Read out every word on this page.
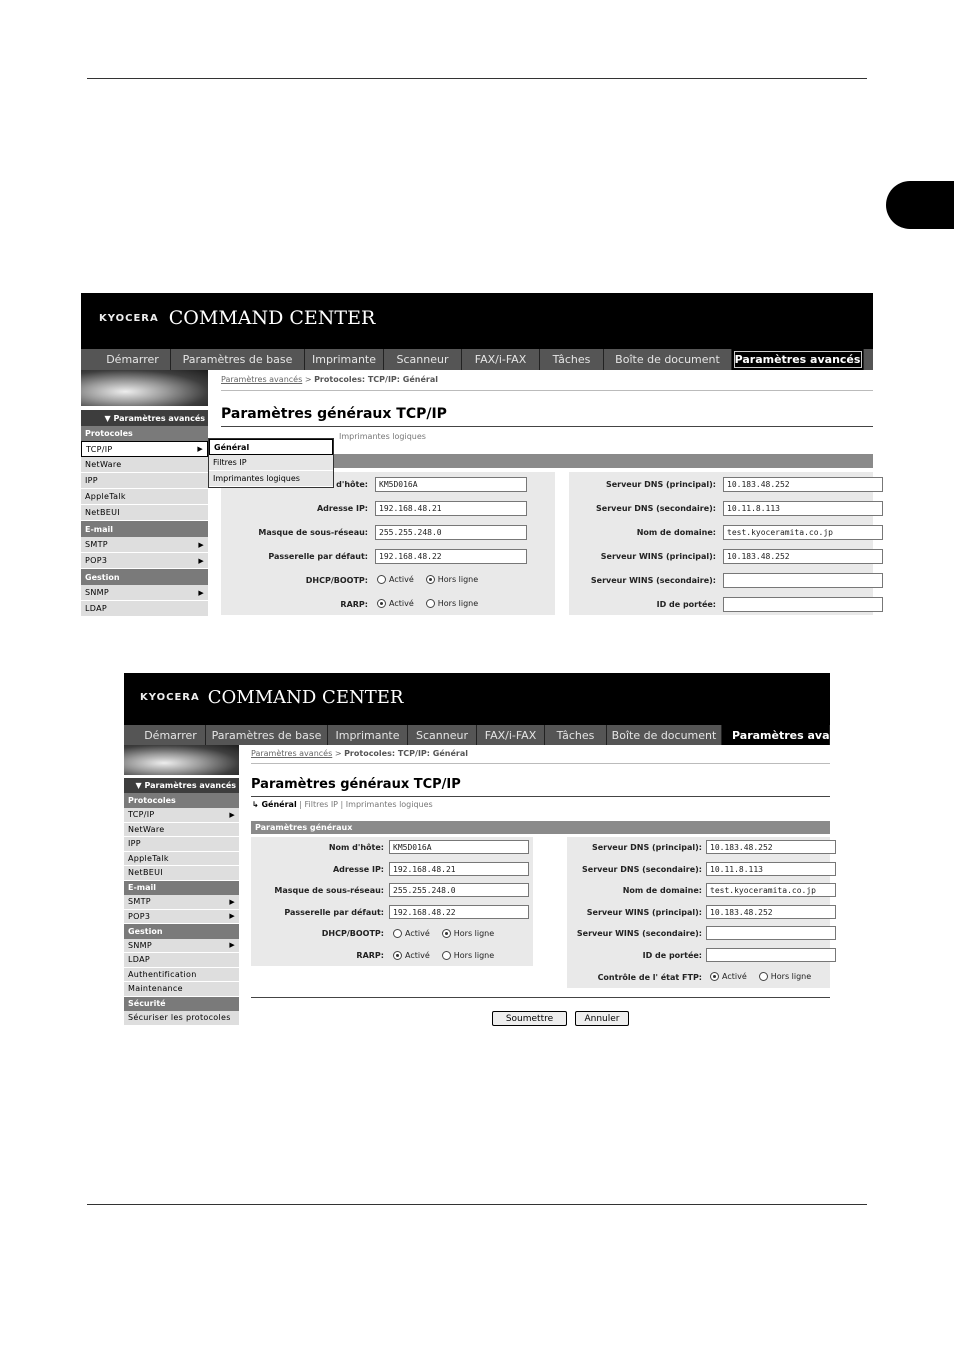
KYOCERA COMMAND CENTER
Démarrer	Paramètres de base	Imprimante	Scanneur	FAX/i-FAX	Tâches	Boîte de document	Paramètres avancés
▼ Paramètres avancés
Protocoles
TCP/IP	▶
NetWare
IPP
AppleTalk
NetBEUI
E-mail
SMTP	▶
POP3	▶
Gestion
SNMP	▶
LDAP
Paramètres avancés > Protocoles: TCP/IP: Général
Paramètres généraux TCP/IP
Imprimantes logiques
d'hôte:	KM5D016A
Adresse IP:	192.168.48.21
Masque de sous-réseau:	255.255.248.0
Passerelle par défaut:	192.168.48.22
DHCP/BOOTP:	Activé	Hors ligne
RARP:	Activé	Hors ligne
Serveur DNS (principal):	10.183.48.252
Serveur DNS (secondaire):	10.11.8.113
Nom de domaine:	test.kyoceramita.co.jp
Serveur WINS (principal):	10.183.48.252
Serveur WINS (secondaire):
ID de portée:
Général
Filtres IP
Imprimantes logiques
KYOCERA COMMAND CENTER
Démarrer	Paramètres de base	Imprimante	Scanneur	FAX/i-FAX	Tâches	Boîte de document	Paramètres avancé
▼ Paramètres avancés
Protocoles
TCP/IP	▶
NetWare
IPP
AppleTalk
NetBEUI
E-mail
SMTP	▶
POP3	▶
Gestion
SNMP	▶
LDAP
Authentification
Maintenance
Sécurité
Sécuriser les protocoles
Paramètres avancés > Protocoles: TCP/IP: Général
Paramètres généraux TCP/IP
↳ Général | Filtres IP | Imprimantes logiques
Paramètres généraux
Nom d'hôte:	KM5D016A
Adresse IP:	192.168.48.21
Masque de sous-réseau:	255.255.248.0
Passerelle par défaut:	192.168.48.22
DHCP/BOOTP:	Activé	Hors ligne
RARP:	Activé	Hors ligne
Serveur DNS (principal):	10.183.48.252
Serveur DNS (secondaire):	10.11.8.113
Nom de domaine:	test.kyoceramita.co.jp
Serveur WINS (principal):	10.183.48.252
Serveur WINS (secondaire):
ID de portée:
Contrôle de l' état FTP:	Activé	Hors ligne
Soumettre	Annuler
